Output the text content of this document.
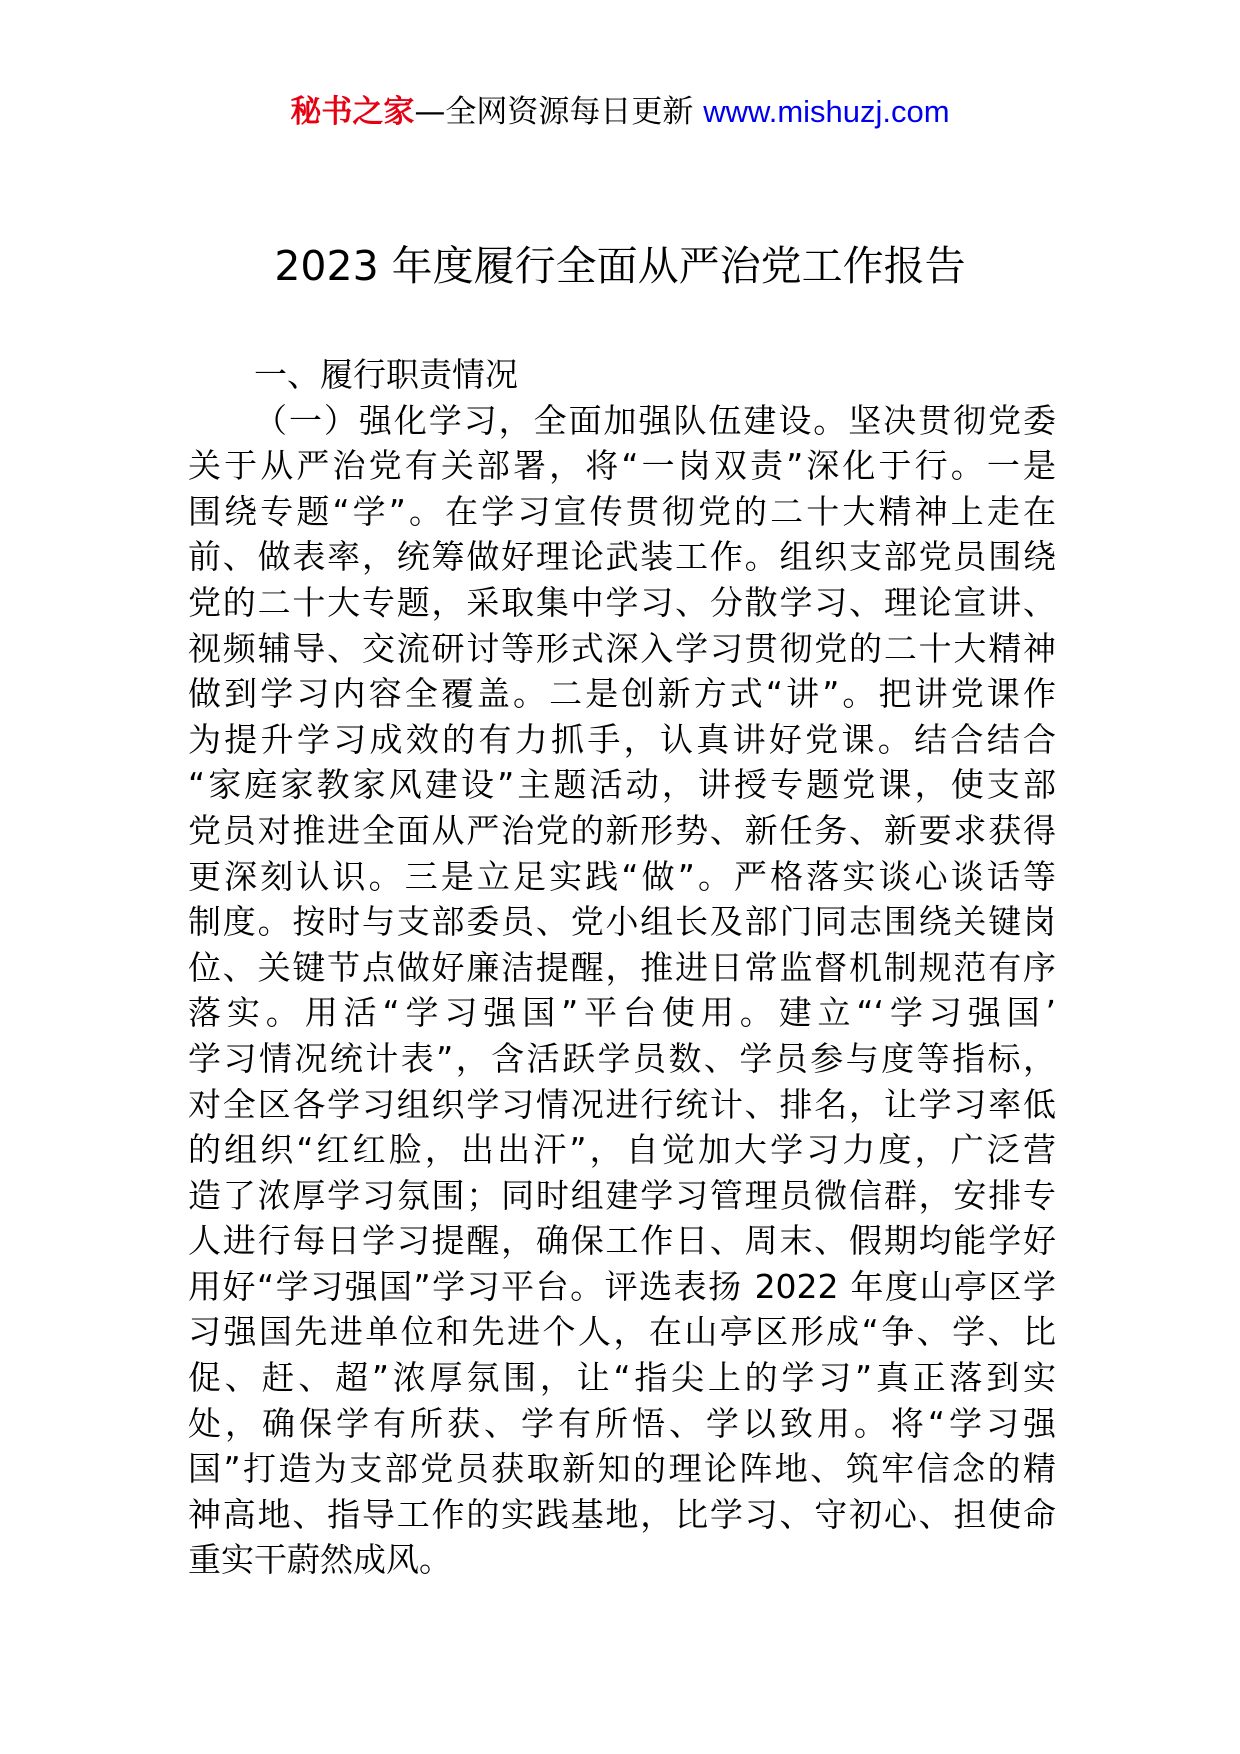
秘书之家—全网资源每日更新 www.mishuzj.com
2023 年度履行全面从严治党工作报告
一、履行职责情况
（一）强化学习，全面加强队伍建设。坚决贯彻党委
关于从严治党有关部署，将“一岗双责”深化于行。一是
围绕专题“学”。在学习宣传贯彻党的二十大精神上走在
前、做表率，统筹做好理论武装工作。组织支部党员围绕
党的二十大专题，采取集中学习、分散学习、理论宣讲、
视频辅导、交流研讨等形式深入学习贯彻党的二十大精神
做到学习内容全覆盖。二是创新方式“讲”。把讲党课作
为提升学习成效的有力抓手，认真讲好党课。结合结合
“家庭家教家风建设”主题活动，讲授专题党课，使支部
党员对推进全面从严治党的新形势、新任务、新要求获得
更深刻认识。三是立足实践“做”。严格落实谈心谈话等
制度。按时与支部委员、党小组长及部门同志围绕关键岗
位、关键节点做好廉洁提醒，推进日常监督机制规范有序
落实。用活“学习强国”平台使用。建立“‘学习强国’
学习情况统计表”，含活跃学员数、学员参与度等指标，
对全区各学习组织学习情况进行统计、排名，让学习率低
的组织“红红脸，出出汗”，自觉加大学习力度，广泛营
造了浓厚学习氛围；同时组建学习管理员微信群，安排专
人进行每日学习提醒，确保工作日、周末、假期均能学好
用好“学习强国”学习平台。评选表扬 2022 年度山亭区学
习强国先进单位和先进个人，在山亭区形成“争、学、比
促、赶、超”浓厚氛围，让“指尖上的学习”真正落到实
处，确保学有所获、学有所悟、学以致用。将“学习强
国”打造为支部党员获取新知的理论阵地、筑牢信念的精
神高地、指导工作的实践基地，比学习、守初心、担使命
重实干蔚然成风。
